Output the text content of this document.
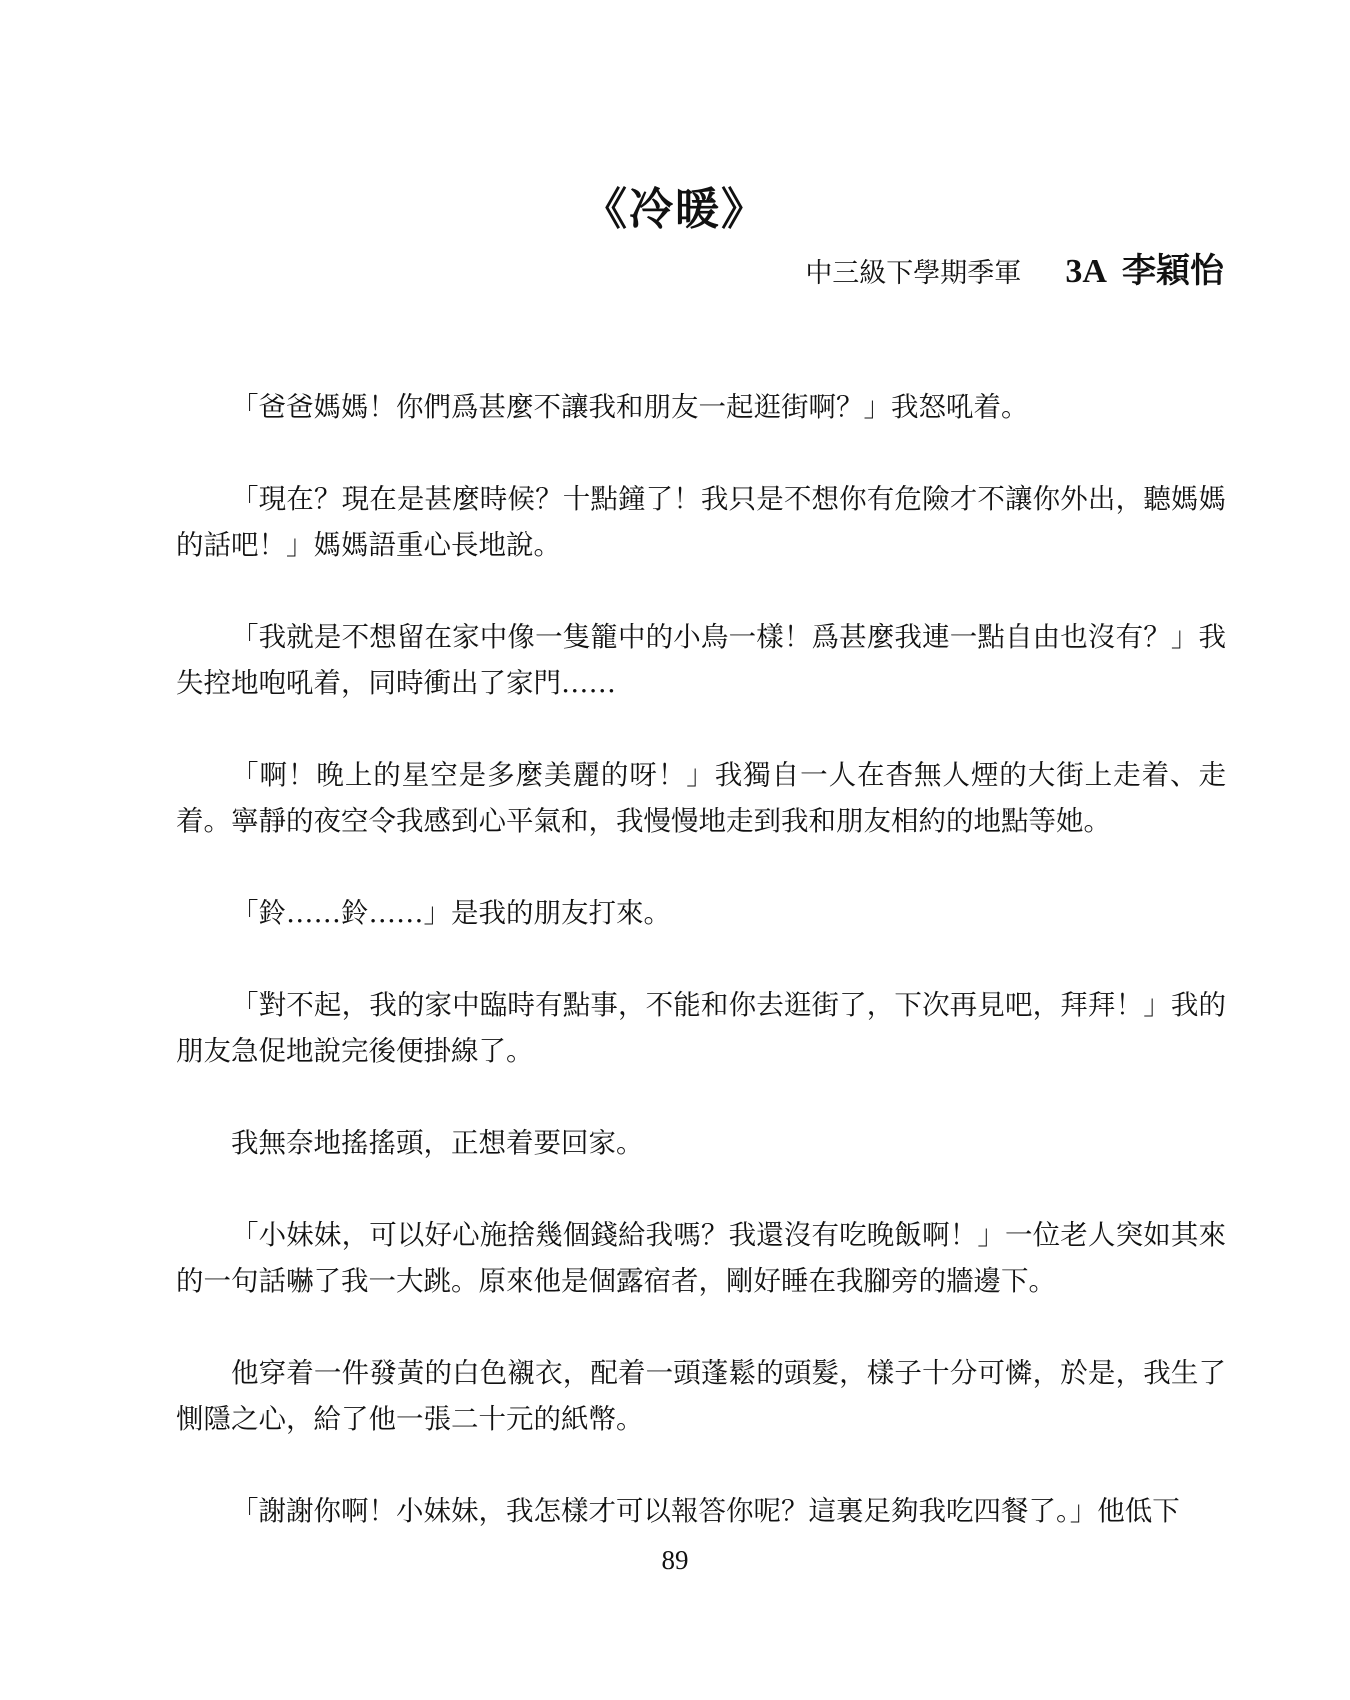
《冷暖》
中三級下學期季軍 3A  李穎怡

「爸爸媽媽！你們爲甚麼不讓我和朋友一起逛街啊？」我怒吼着。

「現在？現在是甚麼時候？十點鐘了！我只是不想你有危險才不讓你外出，聽媽媽的話吧！」媽媽語重心長地說。

「我就是不想留在家中像一隻籠中的小鳥一樣！爲甚麼我連一點自由也沒有？」我失控地咆吼着，同時衝出了家門……

「啊！晚上的星空是多麼美麗的呀！」我獨自一人在杳無人煙的大街上走着、走着。寧靜的夜空令我感到心平氣和，我慢慢地走到我和朋友相約的地點等她。

「鈴……鈴……」是我的朋友打來。

「對不起，我的家中臨時有點事，不能和你去逛街了，下次再見吧，拜拜！」我的朋友急促地說完後便掛線了。

我無奈地搖搖頭，正想着要回家。

「小妹妹，可以好心施捨幾個錢給我嗎？我還沒有吃晚飯啊！」一位老人突如其來的一句話嚇了我一大跳。原來他是個露宿者，剛好睡在我腳旁的牆邊下。

他穿着一件發黃的白色襯衣，配着一頭蓬鬆的頭髮，樣子十分可憐，於是，我生了惻隱之心，給了他一張二十元的紙幣。

「謝謝你啊！小妹妹，我怎樣才可以報答你呢？這裏足夠我吃四餐了。」他低下

89
